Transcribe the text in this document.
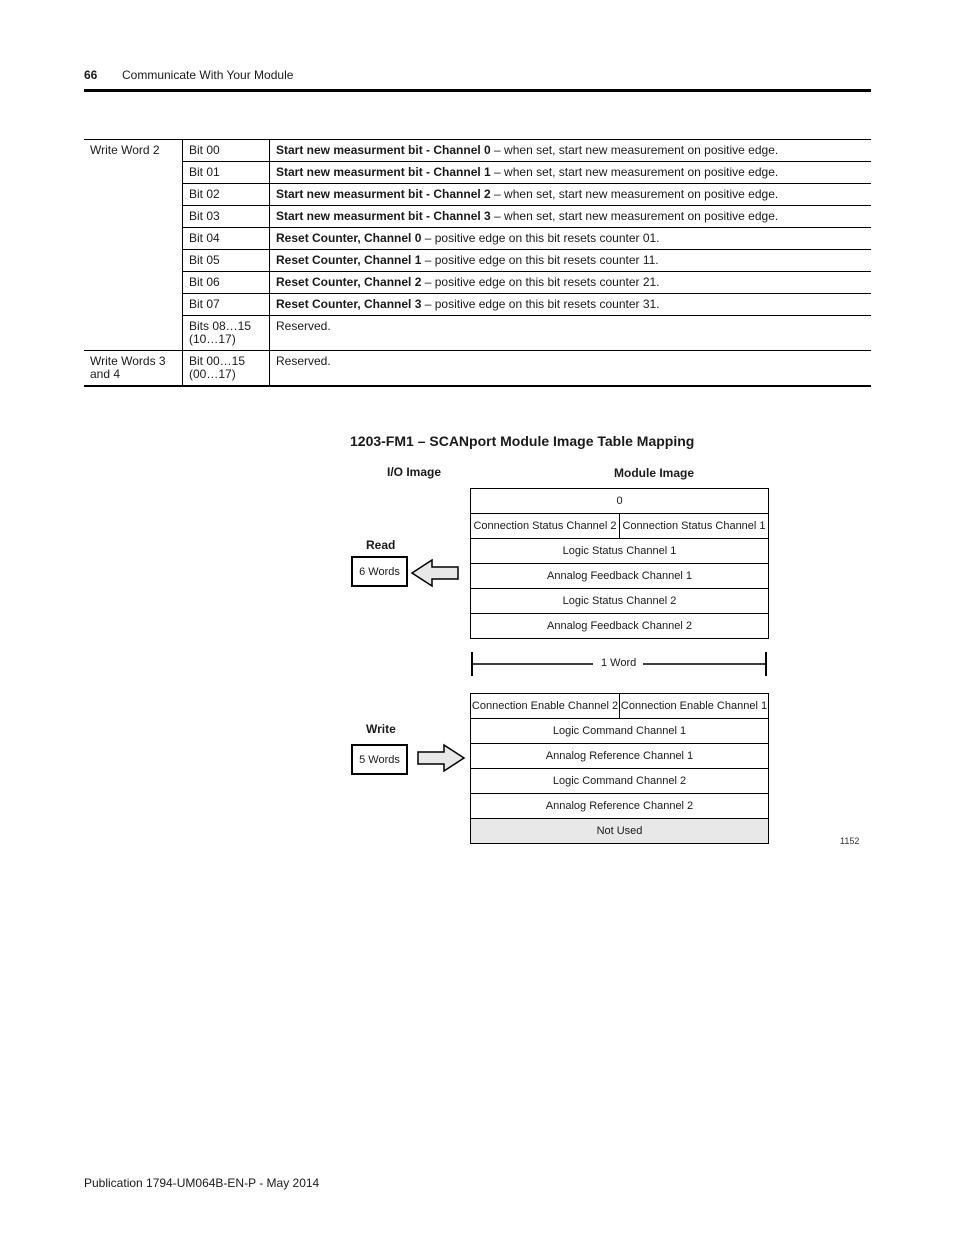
66 Communicate With Your Module
Write Word 2	Bit 00	Start new measurment bit - Channel 0 – when set, start new measurement on positive edge.
	Bit 01	Start new measurment bit - Channel 1 – when set, start new measurement on positive edge.
	Bit 02	Start new measurment bit - Channel 2 – when set, start new measurement on positive edge.
	Bit 03	Start new measurment bit - Channel 3 – when set, start new measurement on positive edge.
	Bit 04	Reset Counter, Channel 0 – positive edge on this bit resets counter 01.
	Bit 05	Reset Counter, Channel 1 – positive edge on this bit resets counter 11.
	Bit 06	Reset Counter, Channel 2 – positive edge on this bit resets counter 21.
	Bit 07	Reset Counter, Channel 3 – positive edge on this bit resets counter 31.
	Bits 08…15 (10…17)	Reserved.
Write Words 3 and 4	Bit 00…15 (00…17)	Reserved.
1203-FM1 – SCANport Module Image Table Mapping
I/O Image	Module Image
Read
6 Words
0
Connection Status Channel 2 Connection Status Channel 1
Logic Status Channel 1
Annalog Feedback Channel 1
Logic Status Channel 2
Annalog Feedback Channel 2
1 Word
Write
5 Words
Connection Enable Channel 2 Connection Enable Channel 1
Logic Command Channel 1
Annalog Reference Channel 1
Logic Command Channel 2
Annalog Reference Channel 2
Not Used
1152
Publication 1794-UM064B-EN-P - May 2014
